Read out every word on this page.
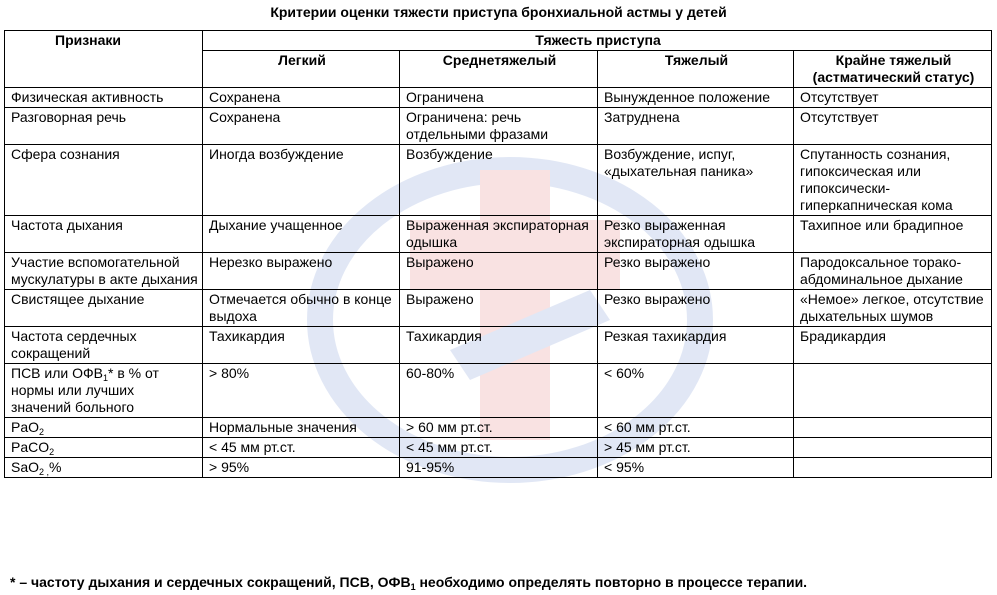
Критерии оценки тяжести приступа бронхиальной астмы у детей
Признаки	Тяжесть приступа			
	Легкий	Среднетяжелый	Тяжелый	Крайне тяжелый (астматический статус)
Физическая активность	Сохранена	Ограничена	Вынужденное положение	Отсутствует
Разговорная речь	Сохранена	Ограничена: речь отдельными фразами	Затруднена	Отсутствует
Сфера сознания	Иногда возбуждение	Возбуждение	Возбуждение, испуг, «дыхательная паника»	Спутанность сознания, гипоксическая или гипоксически-гиперкапническая кома
Частота дыхания	Дыхание учащенное	Выраженная экспираторная одышка	Резко выраженная экспираторная одышка	Тахипное или брадипное
Участие вспомогательной мускулатуры в акте дыхания	Нерезко выражено	Выражено	Резко выражено	Пародоксальное торако-абдоминальное дыхание
Свистящее дыхание	Отмечается обычно в конце выдоха	Выражено	Резко выражено	«Немое» легкое, отсутствие дыхательных шумов
Частота сердечных сокращений	Тахикардия	Тахикардия	Резкая тахикардия	Брадикардия
ПСВ или $ОФВ_1*$ в % от нормы или лучших значений больного	> 80%	60-80%	< 60%	
PaO$_2$	Нормальные значения	> 60 мм рт.ст.	< 60 мм рт.ст.	
PaCO$_2$	< 45 мм рт.ст.	< 45 мм рт.ст.	> 45 мм рт.ст.	
SaO$_{2 ,}$%	> 95%	91-95%	< 95%	
* – частоту дыхания и сердечных сокращений, ПСВ, $ОФВ_1$ необходимо определять повторно в процессе терапии.
